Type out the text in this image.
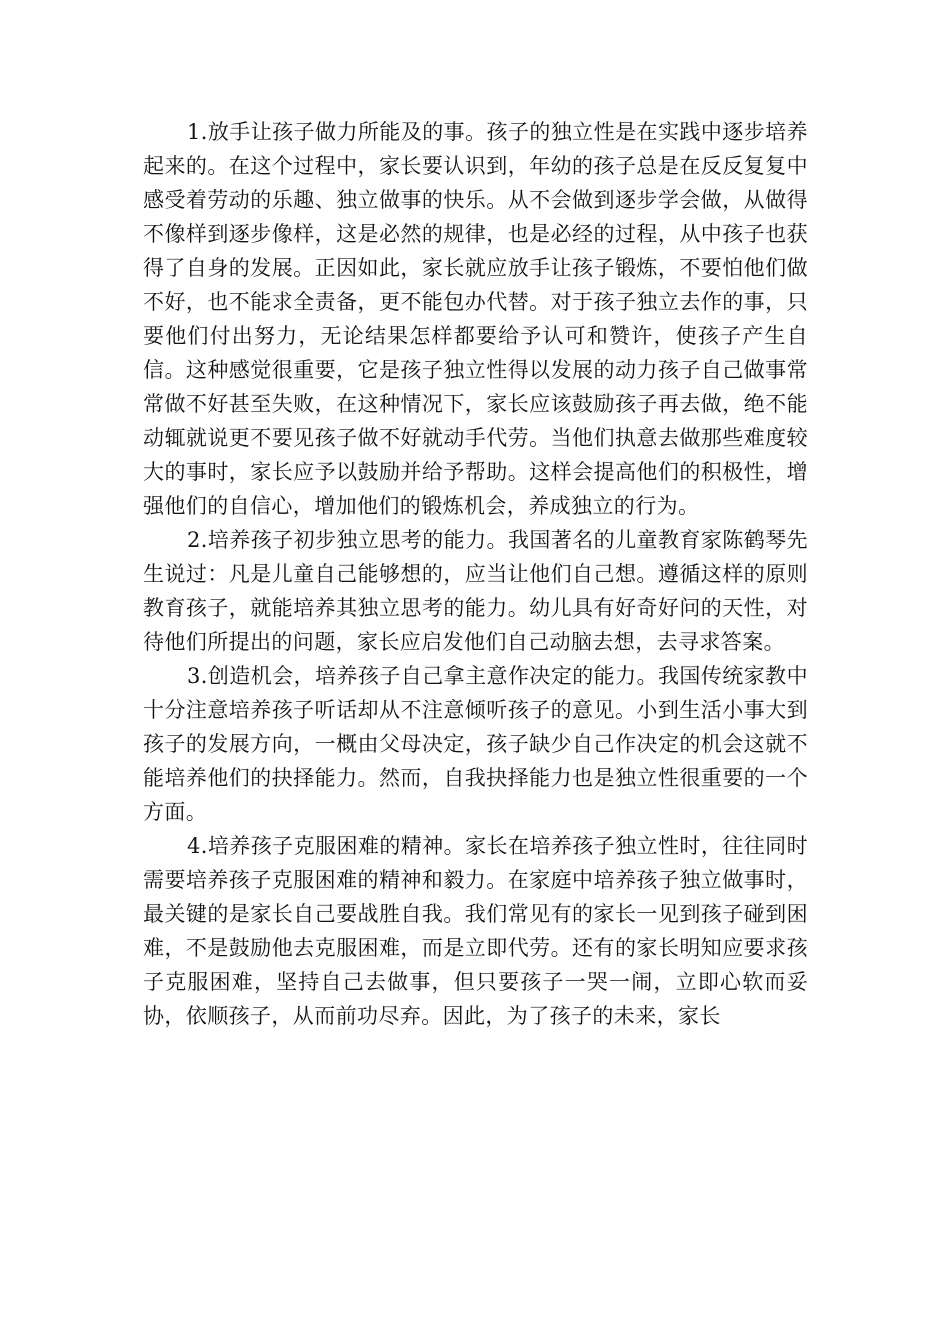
1.放手让孩子做力所能及的事。孩子的独立性是在实践中逐步培养起来的。在这个过程中，家长要认识到，年幼的孩子总是在反反复复中感受着劳动的乐趣、独立做事的快乐。从不会做到逐步学会做，从做得不像样到逐步像样，这是必然的规律，也是必经的过程，从中孩子也获得了自身的发展。正因如此，家长就应放手让孩子锻炼，不要怕他们做不好，也不能求全责备，更不能包办代替。对于孩子独立去作的事，只要他们付出努力，无论结果怎样都要给予认可和赞许，使孩子产生自信。这种感觉很重要，它是孩子独立性得以发展的动力孩子自己做事常常做不好甚至失败，在这种情况下，家长应该鼓励孩子再去做，绝不能动辄就说更不要见孩子做不好就动手代劳。当他们执意去做那些难度较大的事时，家长应予以鼓励并给予帮助。这样会提高他们的积极性，增强他们的自信心，增加他们的锻炼机会，养成独立的行为。

2.培养孩子初步独立思考的能力。我国著名的儿童教育家陈鹤琴先生说过：凡是儿童自己能够想的，应当让他们自己想。遵循这样的原则教育孩子，就能培养其独立思考的能力。幼儿具有好奇好问的天性，对待他们所提出的问题，家长应启发他们自己动脑去想，去寻求答案。

3.创造机会，培养孩子自己拿主意作决定的能力。我国传统家教中十分注意培养孩子听话却从不注意倾听孩子的意见。小到生活小事大到孩子的发展方向，一概由父母决定，孩子缺少自己作决定的机会这就不能培养他们的抉择能力。然而，自我抉择能力也是独立性很重要的一个方面。

4.培养孩子克服困难的精神。家长在培养孩子独立性时，往往同时需要培养孩子克服困难的精神和毅力。在家庭中培养孩子独立做事时，最关键的是家长自己要战胜自我。我们常见有的家长一见到孩子碰到困难，不是鼓励他去克服困难，而是立即代劳。还有的家长明知应要求孩子克服困难，坚持自己去做事，但只要孩子一哭一闹，立即心软而妥协，依顺孩子，从而前功尽弃。因此，为了孩子的未来，家长
